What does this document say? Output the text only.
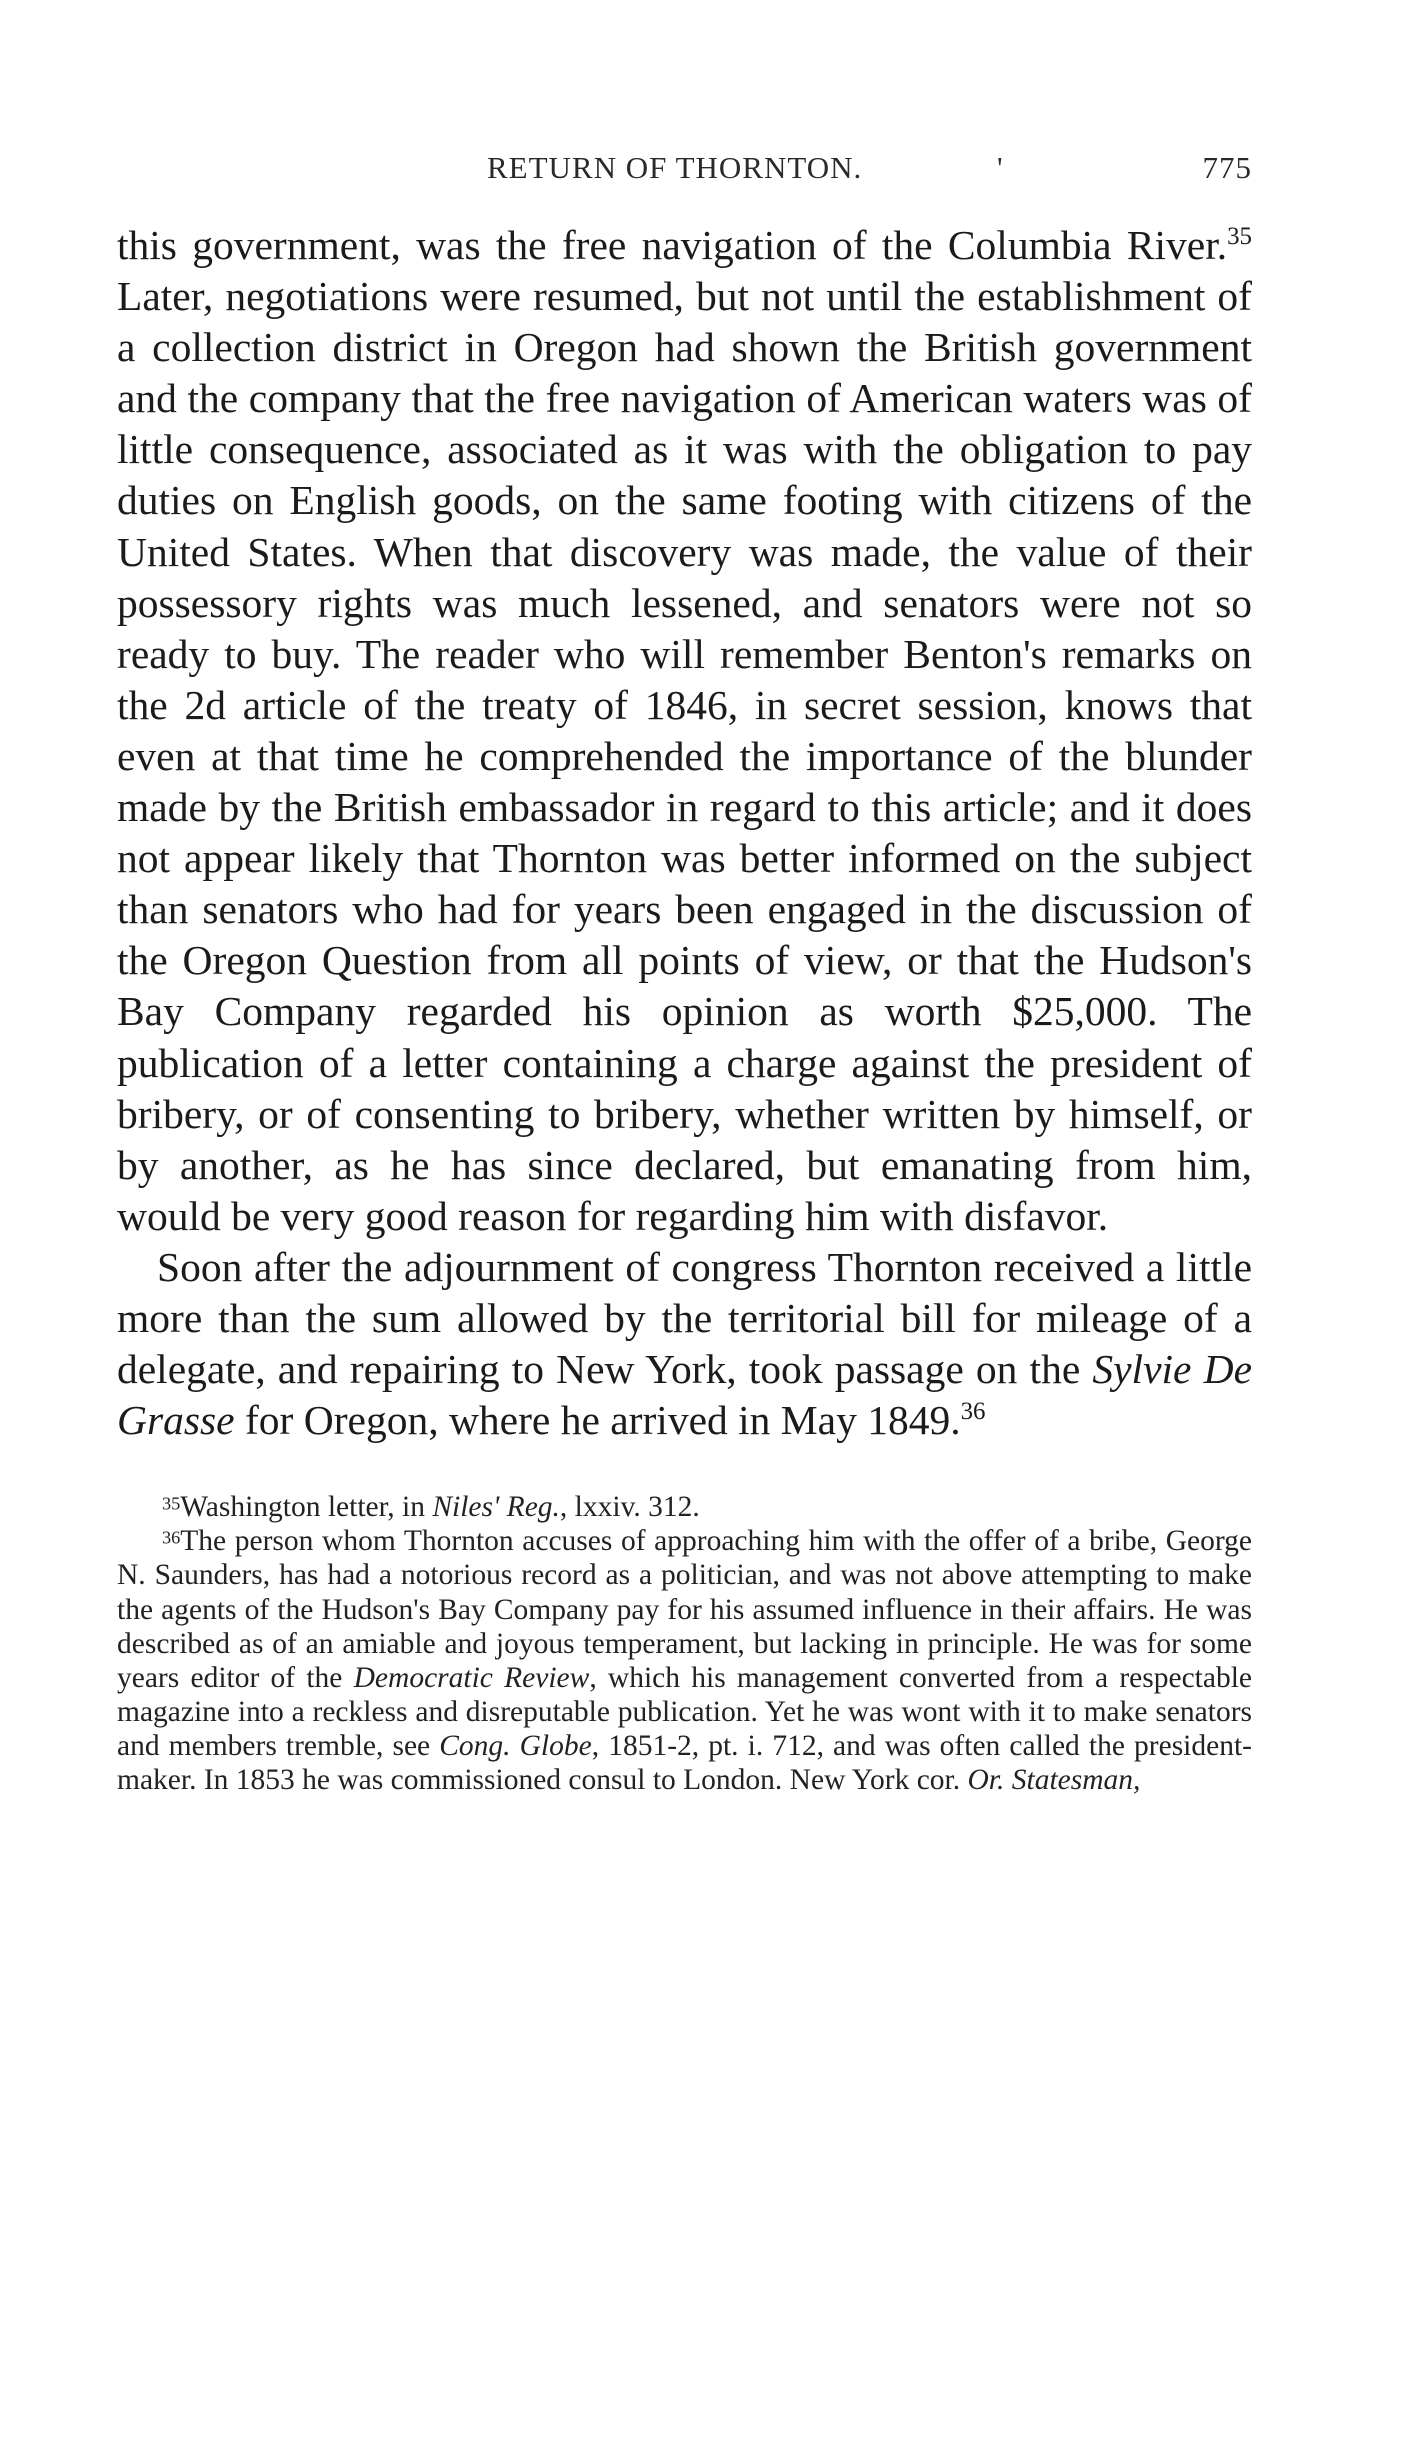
RETURN OF THORNTON.	'	775

this government, was the free navigation of the Columbia River.$^{35}$ Later, negotiations were resumed, but not until the establishment of a collection district in Oregon had shown the British government and the company that the free navigation of American waters was of little consequence, associated as it was with the obligation to pay duties on English goods, on the same footing with citizens of the United States. When that discovery was made, the value of their possessory rights was much lessened, and senators were not so ready to buy. The reader who will remember Benton's remarks on the 2d article of the treaty of 1846, in secret session, knows that even at that time he comprehended the importance of the blunder made by the British embassador in regard to this article; and it does not appear likely that Thornton was better informed on the subject than senators who had for years been engaged in the discussion of the Oregon Question from all points of view, or that the Hudson's Bay Company regarded his opinion as worth $25,000. The publication of a letter containing a charge against the president of bribery, or of consenting to bribery, whether written by himself, or by another, as he has since declared, but emanating from him, would be very good reason for regarding him with disfavor.

Soon after the adjournment of congress Thornton received a little more than the sum allowed by the territorial bill for mileage of a delegate, and repairing to New York, took passage on the Sylvie De Grasse for Oregon, where he arrived in May 1849.36

$^{35}$Washington letter, in Niles' Reg., lxxiv. 312.

$^{36}$The person whom Thornton accuses of approaching him with the offer of a bribe, George N. Saunders, has had a notorious record as a politician, and was not above attempting to make the agents of the Hudson's Bay Company pay for his assumed influence in their affairs. He was described as of an amiable and joyous temperament, but lacking in principle. He was for some years editor of the Democratic Review, which his management converted from a respectable magazine into a reckless and disreputable publication. Yet he was wont with it to make senators and members tremble, see Cong. Globe, 1851-2, pt. i. 712, and was often called the president-maker. In 1853 he was commissioned consul to London. New York cor. Or. Statesman,
